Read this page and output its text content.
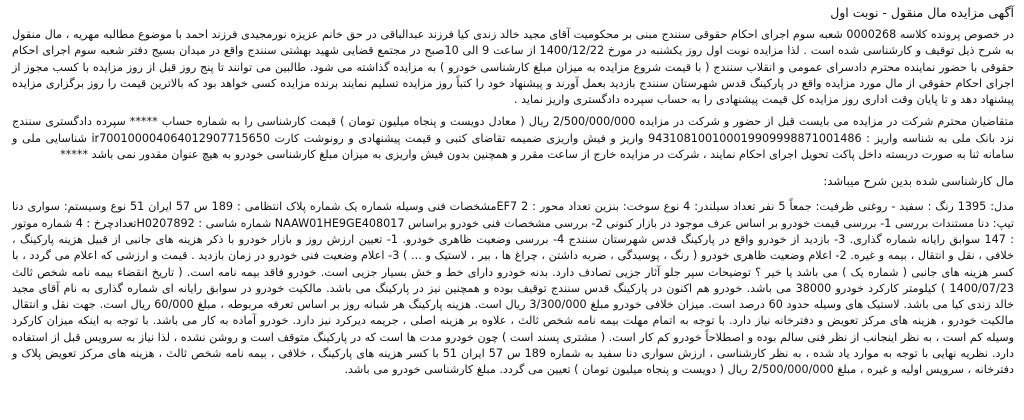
آگهی مزایده مال منقول - نوبت اول

در خصوص پرونده کلاسه 0000268 شعبه سوم اجرای احکام حقوقی سنندج مبنی بر محکومیت آقای مجید خالد زندی کیا فرزند عبدالباقی در حق خانم عزیزه نورمجیدی فرزند احمد با موضوع مطالبه مهریه ، مال منقول به شرح ذیل توقیف و کارشناسی شده است . لذا مزایده نوبت اول روز یکشنبه در مورخ 1400/12/22 از ساعت 9 الی 10صبح در مجتمع قضایی شهید بهشتی سنندج واقع در میدان بسیج دفتر شعبه سوم اجرای احکام حقوقی با حضور نماینده محترم دادسرای عمومی و انقلاب سنندج ( با قیمت شروع مزایده به میزان مبلغ کارشناسی خودرو ) به مزایده گذاشته می شود. طالبین می توانند تا پنج روز قبل از روز مزایده با کسب مجوز از اجرای احکام حقوقی از مال مورد مزایده واقع در پارکینگ قدس شهرستان سنندج بازدید بعمل آورند و پیشنهاد خود را کتباً روز مزایده تسلیم نمایند برنده مزایده کسی خواهد بود که بالاترین قیمت را روز برگزاری مزایده پیشنهاد دهد و تا پایان وقت اداری روز مزایده کل قیمت پیشنهادی را به حساب سپرده دادگستری واریز نماید .

متقاضیان محترم شرکت در مزایده می بایست قبل از حضور و شرکت در مزایده 2/500/000/000 ریال ( معادل دویست و پنجاه میلیون تومان ) قیمت کارشناسی را به شماره حساب ***** سپرده دادگستری سنندج نزد بانک ملی به شناسه واریز : 943108100100019909998871001486 واریز و فیش واریزی ضمیمه تقاضای کتبی و قیمت پیشنهادی و رونوشت کارت ir700100004064012907715650 شناسایی ملی و سامانه ثنا به صورت دربسته داخل پاکت تحویل اجرای احکام نمایند ، شرکت در مزایده خارج از ساعت مقرر و همچنین بدون فیش واریزی به میزان مبلغ کارشناسی خودرو به هیچ عنوان مقدور نمی باشد *****

مال کارشناسی شده بدین شرح میباشد:

مدل: 1395 رنگ : سفید - روغنی ظرفیت: جمعاً 5 نفر تعداد سیلندر: 4 نوع سوخت: بنزین تعداد محور : 2 EF7مشخصات فنی وسیله شماره یک شماره پلاک انتظامی : 189 س 57 ایران 51 نوع وسیستم: سواری دنا تیپ: دنا مستندات بررسی 1- بررسی قیمت خودرو بر اساس عرف موجود در بازار کنونی 2- بررسی مشخصات فنی خودرو براساس NAAW01HE9GE408017 شماره شاسی : H0207892تعدادچرخ : 4 شماره موتور : 147 سوابق رایانه شماره گذاری. 3- بازدید از خودرو واقع در پارکینگ قدس شهرستان سنندج 4- بررسی وضعیت ظاهری خودرو. 1- تعیین ارزش روز و بازار خودرو با ذکر هزینه های جانبی از قبیل هزینه پارکینگ ، خلافی ، نقل و انتقال ، بیمه و غیره. 2- اعلام وضعیت ظاهری خودرو ( رنگ ، پوسیدگی ، ضربه داشتن ، چراغ ها ، بیر ، لاستیک و ... ) 3- اعلام وضعیت فنی خودرو در زمان بازدید . قیمت و ارزشی که اعلام می گردد ، با کسر هزینه های جانبی ( شماره یک ) می باشد یا خیر ؟ توضیحات سپر جلو آثار جزیی تصادف دارد. بدنه خودرو دارای خط و خش بسیار جزیی است. خودرو فاقد بیمه نامه است. ( تاریخ انقضاء بیمه نامه شخص ثالث 1400/07/23 ) کیلومتر کارکرد خودرو 38000 می باشد. خودرو هم اکنون در پارکینگ قدس سنندج توقیف بوده و همچنین نیز در پارکینگ می باشد. مالکیت خودرو در سوابق رایانه ای شماره گذاری به نام آقای مجید خالد زندی کیا می باشد. لاستیک های وسیله حدود 60 درصد است. میزان خلافی خودرو مبلغ 3/300/000 ریال است. هزینه پارکینگ هر شبانه روز بر اساس تعرفه مربوطه ، مبلغ 60/000 ریال است. جهت نقل و انتقال مالکیت خودرو ، هزینه های مرکز تعویض و دفترخانه نیاز دارد. با توجه به اتمام مهلت بیمه نامه شخص ثالث ، علاوه بر هزینه اصلی ، جریمه دیرکرد نیز دارد. خودرو آماده به کار می باشد. با توجه به اینکه میزان کارکرد وسیله کم است ، به نظر اینجانب از نظر فنی سالم بوده و اصطلاحاً خودرو کم کار است. ( مشتری پسند است ) چون خودرو مدت ها است که در پارکینگ متوقف است و روشن نشده ، لذا نیاز به سرویس قبل از استفاده دارد. نظریه نهایی با توجه به موارد یاد شده ، به نظر کارشناسی ، ارزش سواری دنا سفید به شماره 189 س 57 ایران 51 با کسر هزینه های پارکینگ ، خلافی ، بیمه نامه شخص ثالث ، هزینه های مرکز تعویض پلاک و دفترخانه ، سرویس اولیه و غیره ، مبلغ 2/500/000/000 ریال ( دویست و پنجاه میلیون تومان ) تعیین می گردد. مبلغ کارشناسی خودرو می باشد.
